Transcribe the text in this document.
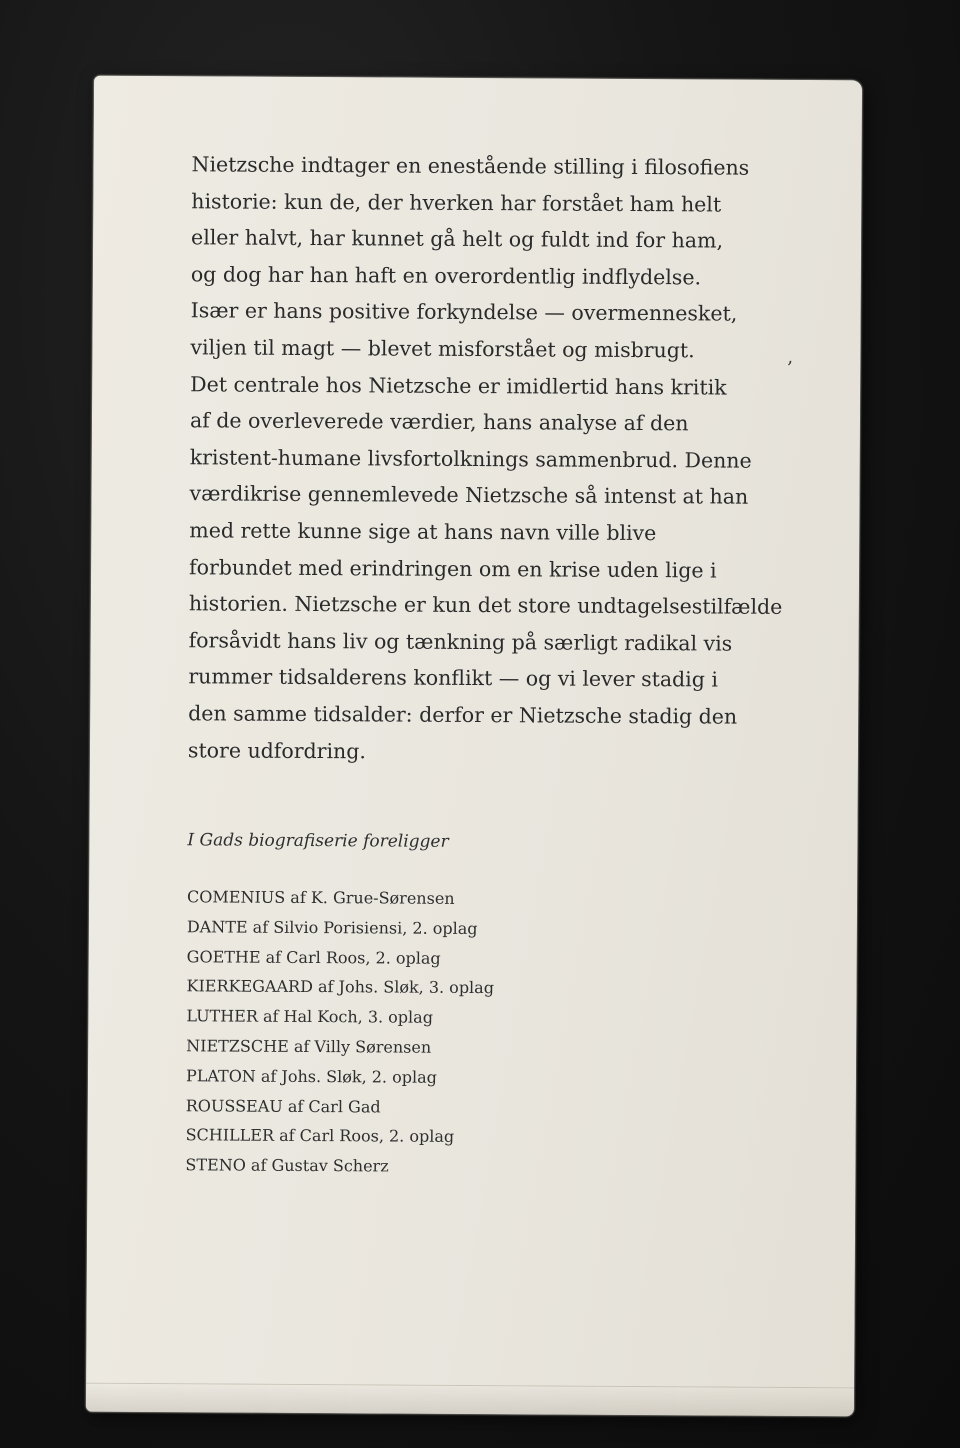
Nietzsche indtager en enestående stilling i filosofiens
historie: kun de, der hverken har forstået ham helt
eller halvt, har kunnet gå helt og fuldt ind for ham,
og dog har han haft en overordentlig indflydelse.
Især er hans positive forkyndelse — overmennesket,
viljen til magt — blevet misforstået og misbrugt.
Det centrale hos Nietzsche er imidlertid hans kritik
af de overleverede værdier, hans analyse af den
kristent-humane livsfortolknings sammenbrud. Denne
værdikrise gennemlevede Nietzsche så intenst at han
med rette kunne sige at hans navn ville blive
forbundet med erindringen om en krise uden lige i
historien. Nietzsche er kun det store undtagelsestilfælde
forsåvidt hans liv og tænkning på særligt radikal vis
rummer tidsalderens konflikt — og vi lever stadig i
den samme tidsalder: derfor er Nietzsche stadig den
store udfordring.

,

I Gads biografiserie foreligger

COMENIUS af K. Grue-Sørensen
DANTE af Silvio Porisiensi, 2. oplag
GOETHE af Carl Roos, 2. oplag
KIERKEGAARD af Johs. Sløk, 3. oplag
LUTHER af Hal Koch, 3. oplag
NIETZSCHE af Villy Sørensen
PLATON af Johs. Sløk, 2. oplag
ROUSSEAU af Carl Gad
SCHILLER af Carl Roos, 2. oplag
STENO af Gustav Scherz
